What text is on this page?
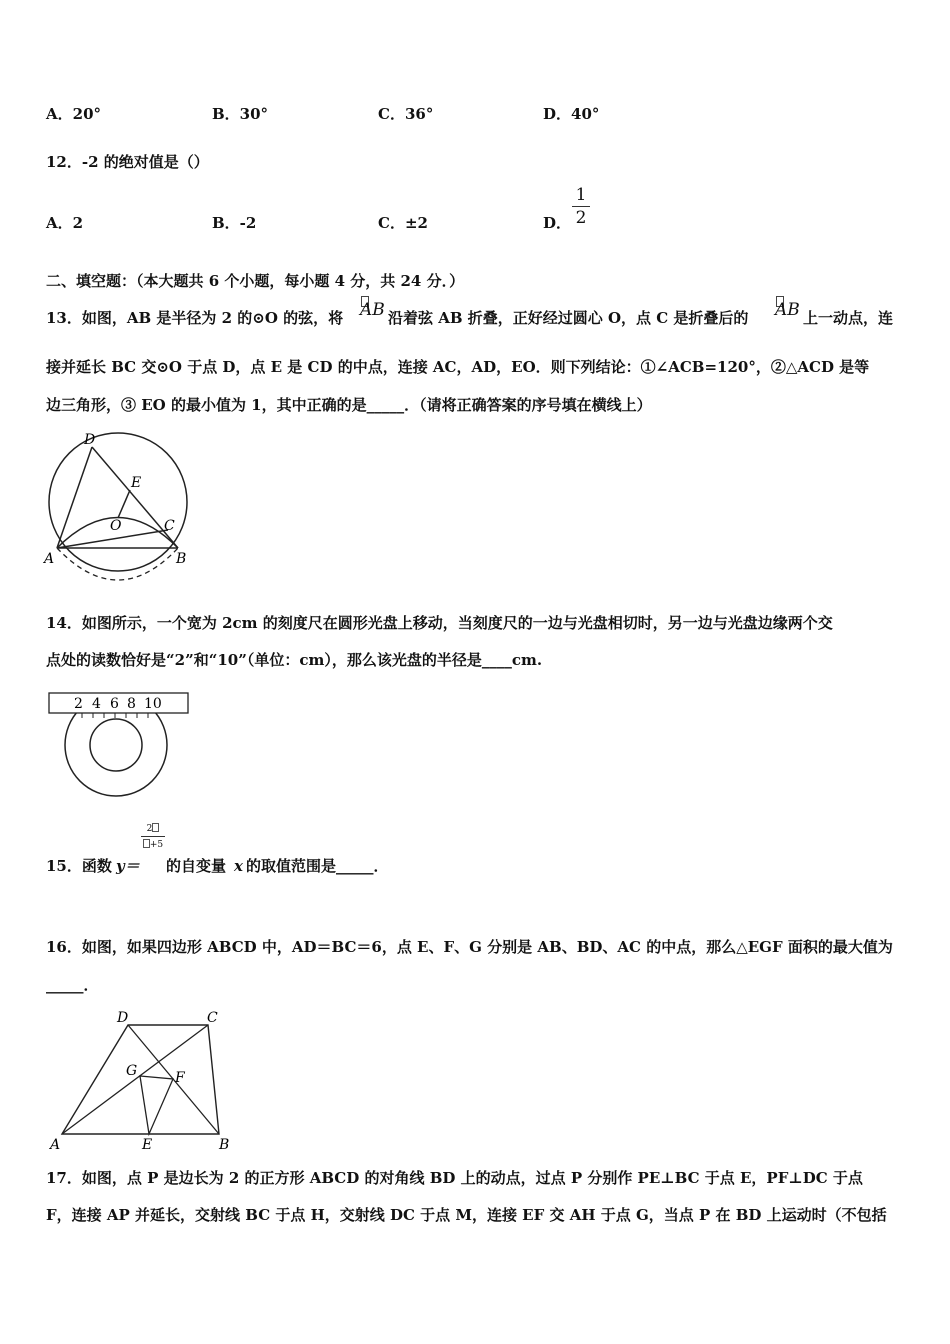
A．20°	B．30°	C．36°	D．40°
12．-2 的绝对值是（）
A．2	B．-2	C．±2	D．
1
2
二、填空题：（本大题共 6 个小题，每小题 4 分，共 24 分．）
13．如图，AB 是半径为 2 的⊙O 的弦，将 AB 沿着弦 AB 折叠，正好经过圆心 O，点 C 是折叠后的 AB 上一动点，连
接并延长 BC 交⊙O 于点 D，点 E 是 CD 的中点，连接 AC，AD，EO．则下列结论：①∠ACB=120°，②△ACD 是等
边三角形，③ EO 的最小值为 1，其中正确的是_____．（请将正确答案的序号填在横线上）
D
E
O	C
A	B
14．如图所示，一个宽为 2cm 的刻度尺在圆形光盘上移动，当刻度尺的一边与光盘相切时，另一边与光盘边缘两个交
点处的读数恰好是“2”和“10”（单位：cm），那么该光盘的半径是____cm.
2 4 6 8 10
15．函数 y＝
2
+5
的自变量 x 的取值范围是_____．
16．如图，如果四边形 ABCD 中，AD＝BC＝6，点 E、F、G 分别是 AB、BD、AC 的中点，那么△EGF 面积的最大值为
_____．
D	C
G	F
A	E	B
17．如图，点 P 是边长为 2 的正方形 ABCD 的对角线 BD 上的动点，过点 P 分别作 PE⊥BC 于点 E，PF⊥DC 于点
F，连接 AP 并延长，交射线 BC 于点 H，交射线 DC 于点 M，连接 EF 交 AH 于点 G，当点 P 在 BD 上运动时（不包括
